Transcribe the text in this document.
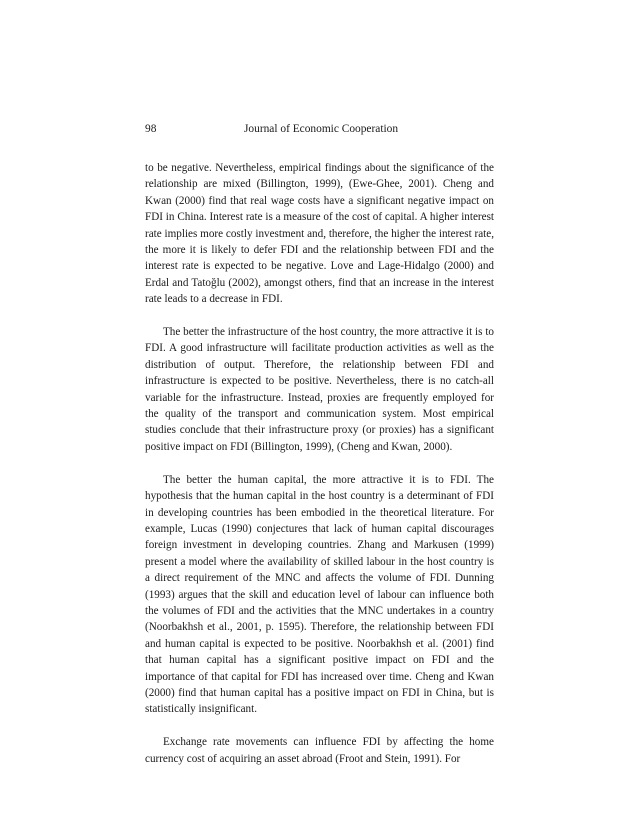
98	Journal of Economic Cooperation

to be negative. Nevertheless, empirical findings about the significance of the relationship are mixed (Billington, 1999), (Ewe-Ghee, 2001). Cheng and Kwan (2000) find that real wage costs have a significant negative impact on FDI in China. Interest rate is a measure of the cost of capital. A higher interest rate implies more costly investment and, therefore, the higher the interest rate, the more it is likely to defer FDI and the relationship between FDI and the interest rate is expected to be negative. Love and Lage-Hidalgo (2000) and Erdal and Tatoğlu (2002), amongst others, find that an increase in the interest rate leads to a decrease in FDI.

The better the infrastructure of the host country, the more attractive it is to FDI. A good infrastructure will facilitate production activities as well as the distribution of output. Therefore, the relationship between FDI and infrastructure is expected to be positive. Nevertheless, there is no catch-all variable for the infrastructure. Instead, proxies are frequently employed for the quality of the transport and communication system. Most empirical studies conclude that their infrastructure proxy (or proxies) has a significant positive impact on FDI (Billington, 1999), (Cheng and Kwan, 2000).

The better the human capital, the more attractive it is to FDI. The hypothesis that the human capital in the host country is a determinant of FDI in developing countries has been embodied in the theoretical literature. For example, Lucas (1990) conjectures that lack of human capital discourages foreign investment in developing countries. Zhang and Markusen (1999) present a model where the availability of skilled labour in the host country is a direct requirement of the MNC and affects the volume of FDI. Dunning (1993) argues that the skill and education level of labour can influence both the volumes of FDI and the activities that the MNC undertakes in a country (Noorbakhsh et al., 2001, p. 1595). Therefore, the relationship between FDI and human capital is expected to be positive. Noorbakhsh et al. (2001) find that human capital has a significant positive impact on FDI and the importance of that capital for FDI has increased over time. Cheng and Kwan (2000) find that human capital has a positive impact on FDI in China, but is statistically insignificant.

Exchange rate movements can influence FDI by affecting the home currency cost of acquiring an asset abroad (Froot and Stein, 1991). For
